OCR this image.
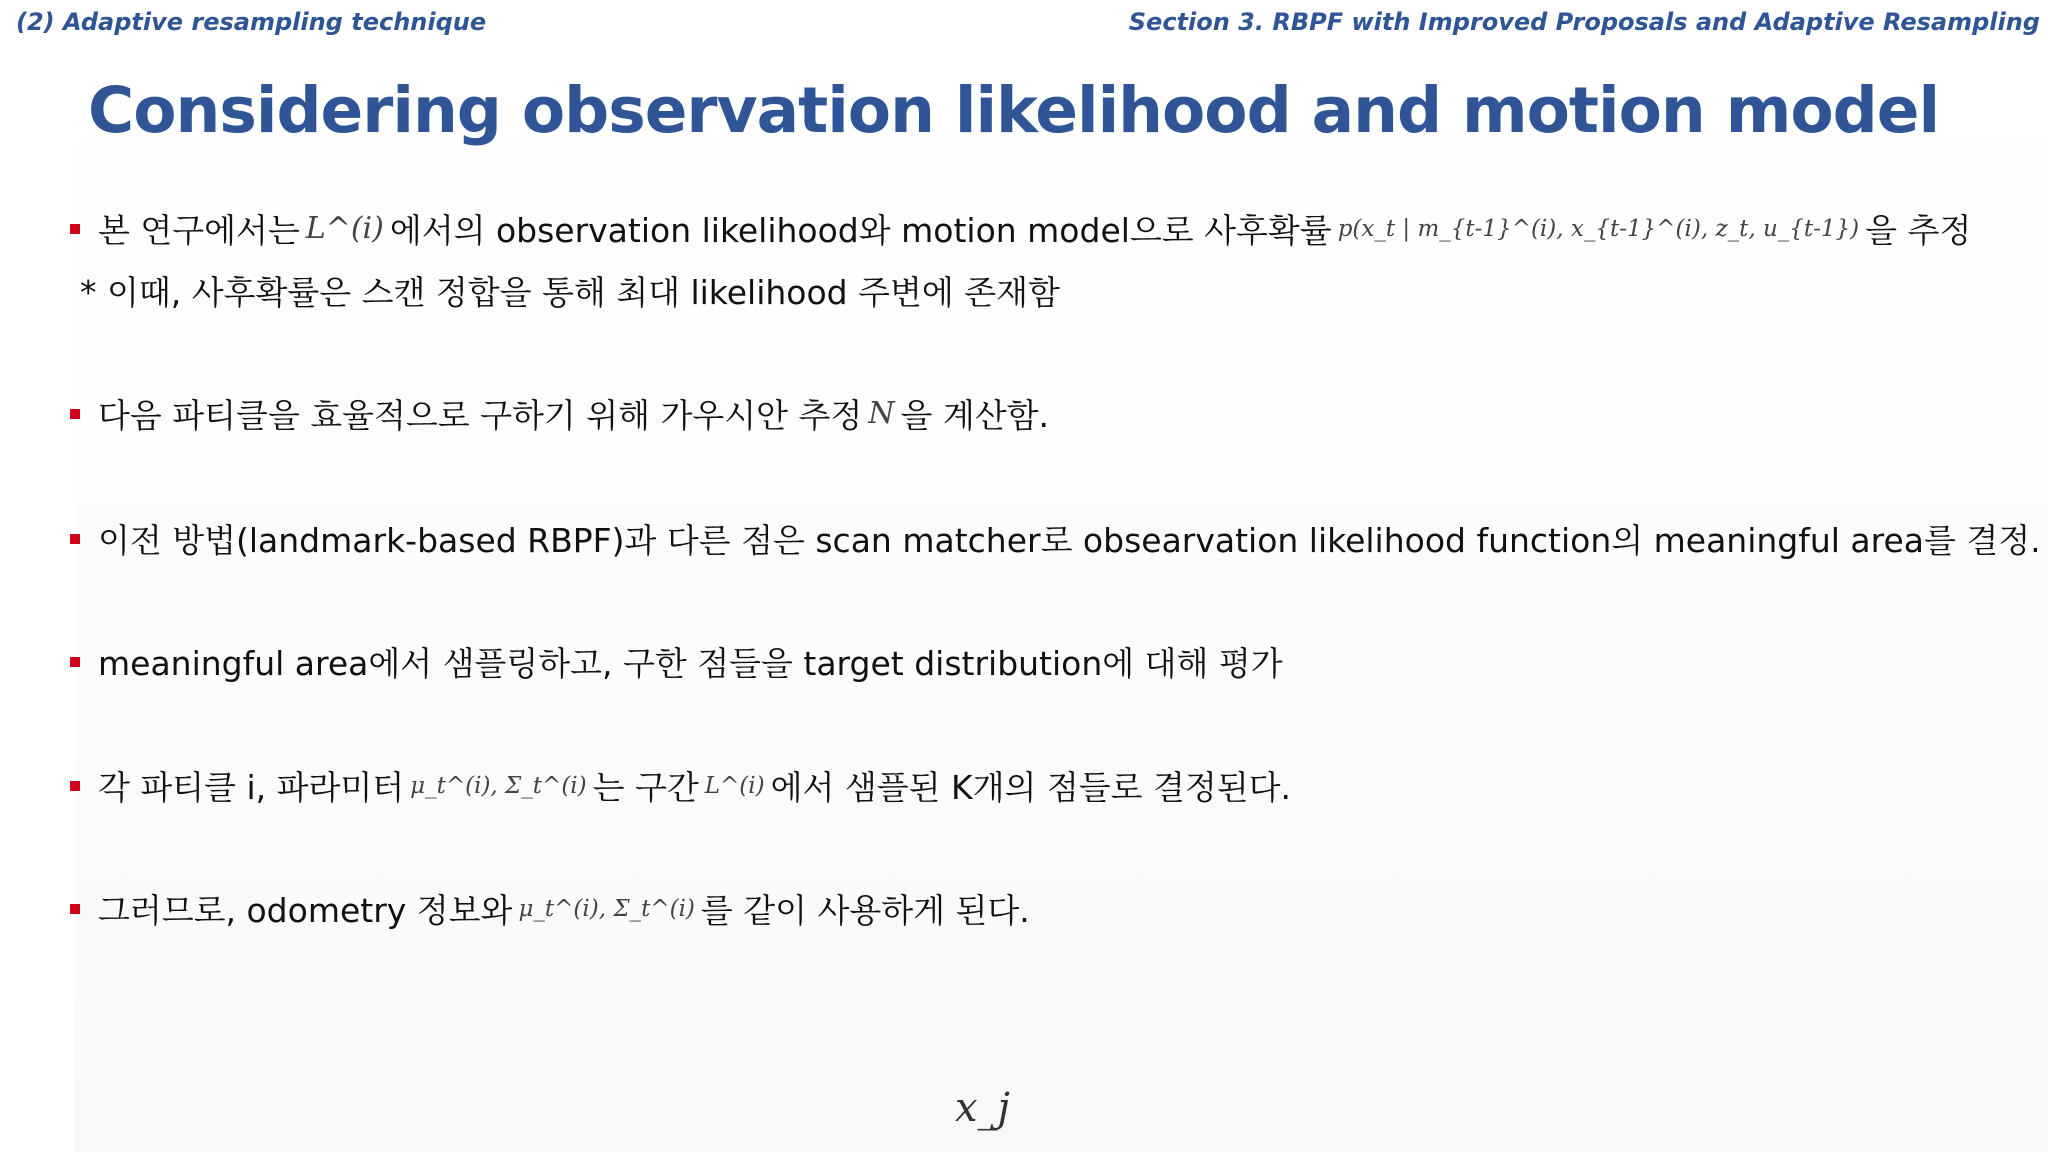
(2) Adaptive resampling technique	Section 3. RBPF with Improved Proposals and Adaptive Resampling
Considering observation likelihood and motion model
본 연구에서는 L^(i) 에서의 observation likelihood와 motion model으로 사후확률 p(x_t | m_{t-1}^(i), x_{t-1}^(i), z_t, u_{t-1}) 을 추정
* 이때, 사후확률은 스캔 정합을 통해 최대 likelihood 주변에 존재함
다음 파티클을 효율적으로 구하기 위해 가우시안 추정 N 을 계산함.
이전 방법(landmark-based RBPF)과 다른 점은 scan matcher로 obsearvation likelihood function의 meaningful area를 결정.
meaningful area에서 샘플링하고, 구한 점들을 target distribution에 대해 평가
각 파티클 i, 파라미터 μ_t^(i), Σ_t^(i) 는 구간 L^(i) 에서 샘플된 K개의 점들로 결정된다.
그러므로, odometry 정보와 μ_t^(i), Σ_t^(i) 를 같이 사용하게 된다.
x_j
